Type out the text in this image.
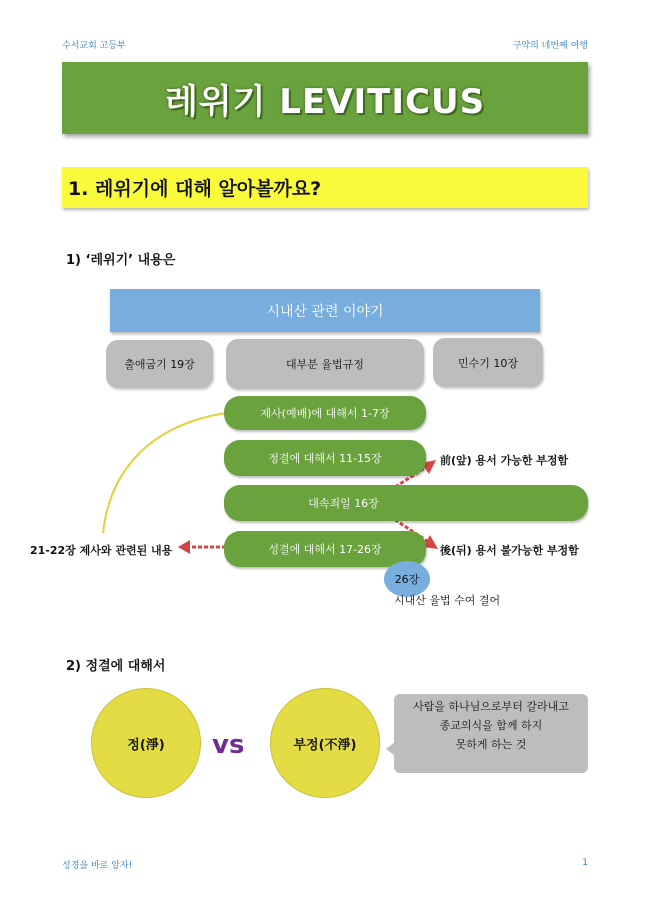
수서교회 고등부	구약의 네번째 여행
레위기 LEVITICUS
1. 레위기에 대해 알아볼까요?
1) ‘레위기’ 내용은
시내산 관련 이야기
출애굽기 19장	대부분 율법규정	민수기 10장
제사(예배)에 대해서 1-7장
정결에 대해서 11-15장
대속죄일 16장
성결에 대해서 17-26장
前(앞) 용서 가능한 부정함
後(뒤) 용서 불가능한 부정함
21-22장 제사와 관련된 내용
26장
시내산 율법 수여 결어
2) 정결에 대해서
정(淨) vs	부정(不淨)
사람을 하나님으로부터 갈라내고
종교의식을 함께 하지
못하게 하는 것
성경을 바로 알자!	1
